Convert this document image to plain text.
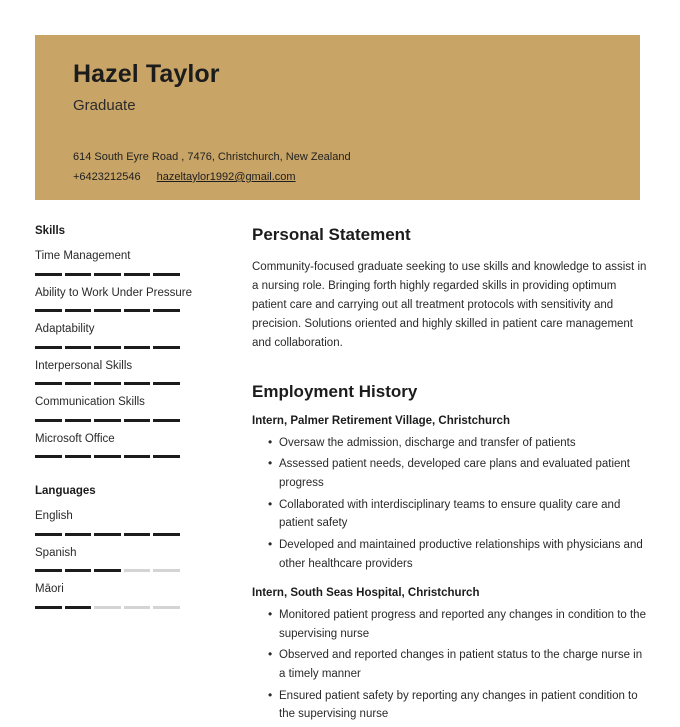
Hazel Taylor
Graduate
614 South Eyre Road , 7476, Christchurch, New Zealand
+6423212546 hazeltaylor1992@gmail.com
Skills
Time Management
Ability to Work Under Pressure
Adaptability
Interpersonal Skills
Communication Skills
Microsoft Office
Languages
English
Spanish
Māori
Personal Statement

Community-focused graduate seeking to use skills and knowledge to assist in a nursing role. Bringing forth highly regarded skills in providing optimum patient care and carrying out all treatment protocols with sensitivity and precision. Solutions oriented and highly skilled in patient care management and collaboration.

Employment History
Intern, Palmer Retirement Village, Christchurch
• Oversaw the admission, discharge and transfer of patients
• Assessed patient needs, developed care plans and evaluated patient progress
• Collaborated with interdisciplinary teams to ensure quality care and patient safety
• Developed and maintained productive relationships with physicians and other healthcare providers
Intern, South Seas Hospital, Christchurch
• Monitored patient progress and reported any changes in condition to the supervising nurse
• Observed and reported changes in patient status to the charge nurse in a timely manner
• Ensured patient safety by reporting any changes in patient condition to the supervising nurse
